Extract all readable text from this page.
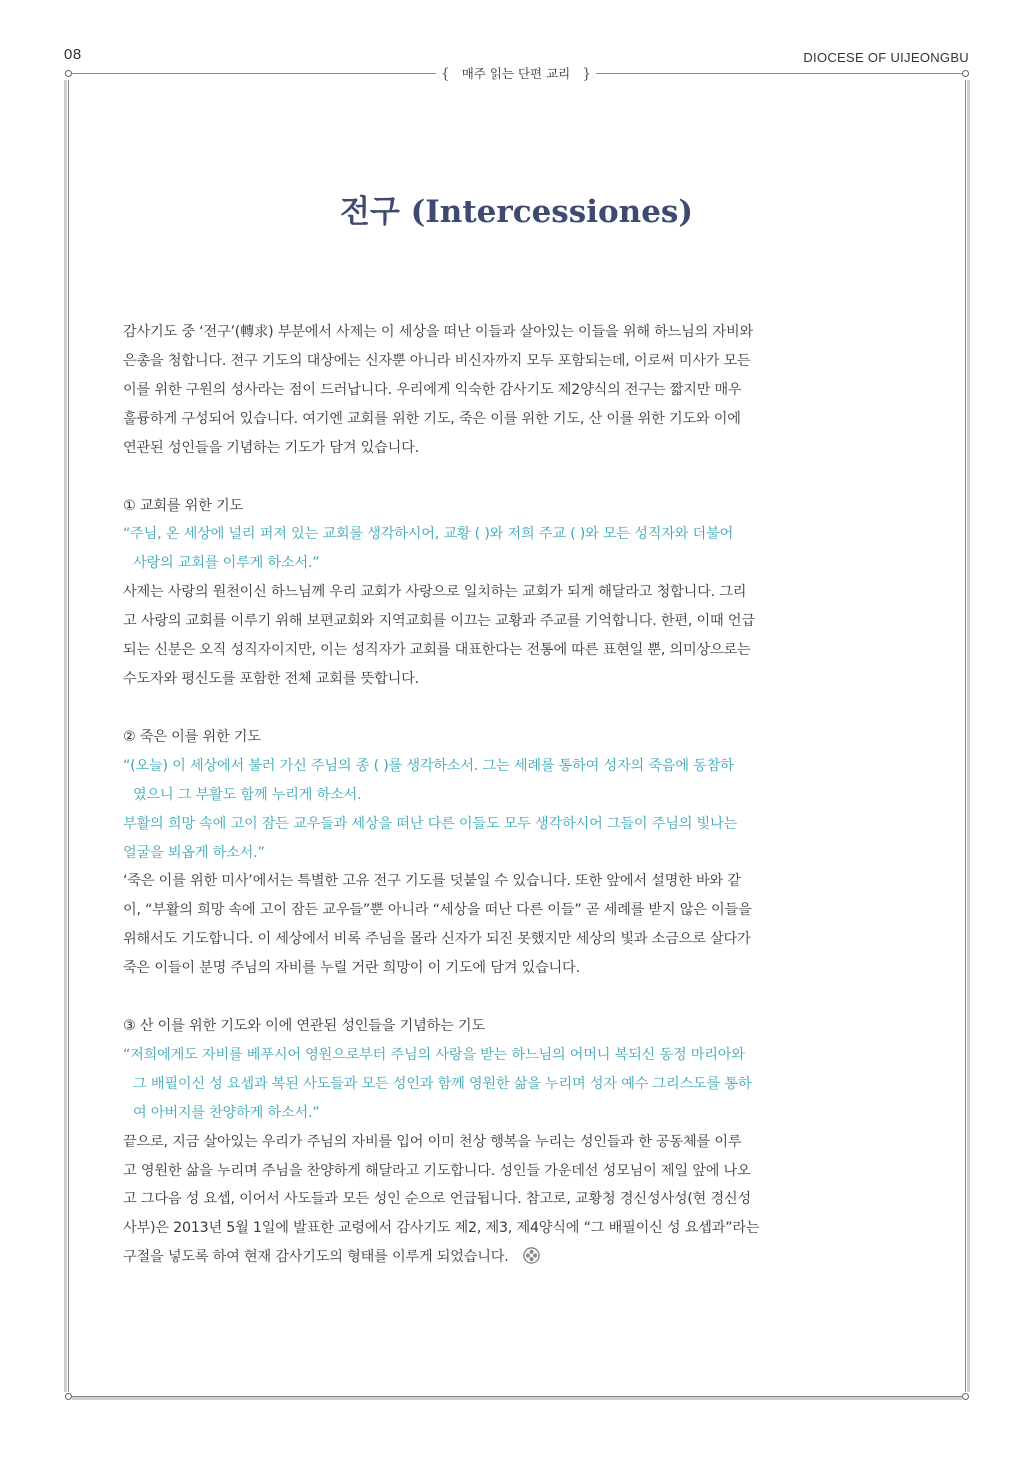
08	DIOCESE OF UIJEONGBU
{ 매주 읽는 단편 교리 }
전구 (Intercessiones)

감사기도 중 ‘전구’(轉求) 부분에서 사제는 이 세상을 떠난 이들과 살아있는 이들을 위해 하느님의 자비와

은총을 청합니다. 전구 기도의 대상에는 신자뿐 아니라 비신자까지 모두 포함되는데, 이로써 미사가 모든

이를 위한 구원의 성사라는 점이 드러납니다. 우리에게 익숙한 감사기도 제2양식의 전구는 짧지만 매우

훌륭하게 구성되어 있습니다. 여기엔 교회를 위한 기도, 죽은 이를 위한 기도, 산 이를 위한 기도와 이에

연관된 성인들을 기념하는 기도가 담겨 있습니다.

① 교회를 위한 기도

“주님, 온 세상에 널리 퍼져 있는 교회를 생각하시어, 교황 ( )와 저희 주교 ( )와 모든 성직자와 더불어

사랑의 교회를 이루게 하소서.”

사제는 사랑의 원천이신 하느님께 우리 교회가 사랑으로 일치하는 교회가 되게 해달라고 청합니다. 그리

고 사랑의 교회를 이루기 위해 보편교회와 지역교회를 이끄는 교황과 주교를 기억합니다. 한편, 이때 언급

되는 신분은 오직 성직자이지만, 이는 성직자가 교회를 대표한다는 전통에 따른 표현일 뿐, 의미상으로는

수도자와 평신도를 포함한 전체 교회를 뜻합니다.

② 죽은 이를 위한 기도

“(오늘) 이 세상에서 불러 가신 주님의 종 ( )를 생각하소서. 그는 세례를 통하여 성자의 죽음에 동참하

였으니 그 부활도 함께 누리게 하소서.

부활의 희망 속에 고이 잠든 교우들과 세상을 떠난 다른 이들도 모두 생각하시어 그들이 주님의 빛나는

얼굴을 뵈옵게 하소서.”

‘죽은 이를 위한 미사’에서는 특별한 고유 전구 기도를 덧붙일 수 있습니다. 또한 앞에서 설명한 바와 같

이, “부활의 희망 속에 고이 잠든 교우들”뿐 아니라 “세상을 떠난 다른 이들” 곧 세례를 받지 않은 이들을

위해서도 기도합니다. 이 세상에서 비록 주님을 몰라 신자가 되진 못했지만 세상의 빛과 소금으로 살다가

죽은 이들이 분명 주님의 자비를 누릴 거란 희망이 이 기도에 담겨 있습니다.

③ 산 이를 위한 기도와 이에 연관된 성인들을 기념하는 기도

“저희에게도 자비를 베푸시어 영원으로부터 주님의 사랑을 받는 하느님의 어머니 복되신 동정 마리아와

그 배필이신 성 요셉과 복된 사도들과 모든 성인과 함께 영원한 삶을 누리며 성자 예수 그리스도를 통하

여 아버지를 찬양하게 하소서.”

끝으로, 지금 살아있는 우리가 주님의 자비를 입어 이미 천상 행복을 누리는 성인들과 한 공동체를 이루

고 영원한 삶을 누리며 주님을 찬양하게 해달라고 기도합니다. 성인들 가운데선 성모님이 제일 앞에 나오

고 그다음 성 요셉, 이어서 사도들과 모든 성인 순으로 언급됩니다. 참고로, 교황청 경신성사성(현 경신성

사부)은 2013년 5월 1일에 발표한 교령에서 감사기도 제2, 제3, 제4양식에 “그 배필이신 성 요셉과”라는

구절을 넣도록 하여 현재 감사기도의 형태를 이루게 되었습니다.
